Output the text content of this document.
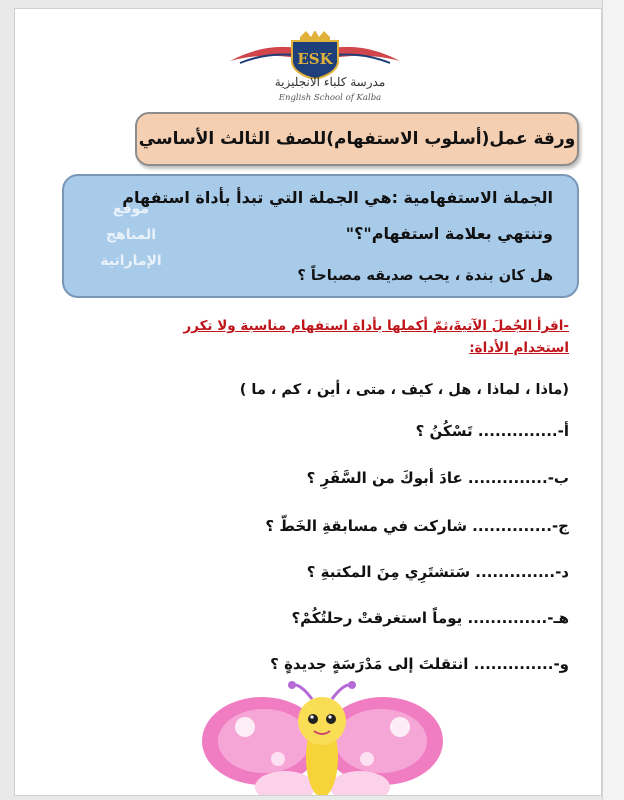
ESK
مدرسة كلباء الانجليزية
English School of Kalba
ورقة عمل(أسلوب الاستفهام)للصف الثالث الأساسي
موقع
المناهج الإماراتية
الجملة الاستفهامية :هي الجملة التي تبدأ بأداة استفهام
وتنتهي بعلامة استفهام"؟"
هل كان بندة ، يحب صديقه مصباحاً ؟
-اقرأ الجُملَ الآتيةَ،ثمّ أكملها بأداة استفهام مناسبة ولا تكرر
استخدام الأداة:
(ماذا ، لماذا ، هل ، كيف ، متى ، أين ، كم ، ما )
أ-.............. تَسْكُنُ ؟
ب-.............. عادَ أبوكَ من السَّفَرِ ؟
ج-.............. شاركت في مسابقةِ الخَطّ ؟
د-.............. سَتشتَرِي مِنَ المكتبةِ ؟
هـ-.............. يوماً استغرقتْ رحلتُكُمْ؟
و-.............. انتقلتَ إلى مَدْرَسَةٍ جديدةٍ ؟
